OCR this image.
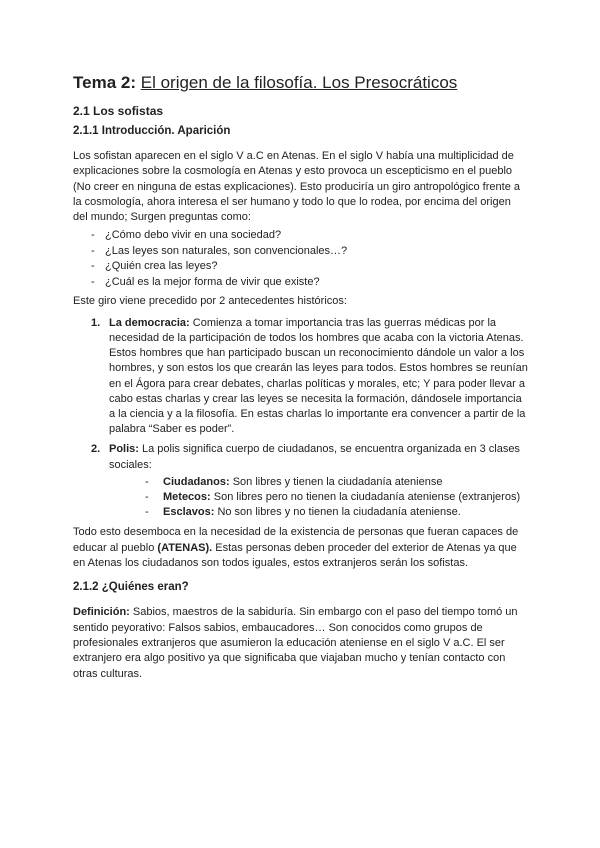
Tema 2: El origen de la filosofía. Los Presocráticos
2.1 Los sofistas
2.1.1 Introducción. Aparición

Los sofistan aparecen en el siglo V a.C en Atenas. En el siglo V había una multiplicidad de explicaciones sobre la cosmología en Atenas y esto provoca un escepticismo en el pueblo (No creer en ninguna de estas explicaciones). Esto produciría un giro antropológico frente a la cosmología, ahora interesa el ser humano y todo lo que lo rodea, por encima del origen del mundo; Surgen preguntas como:

- ¿Cómo debo vivir en una sociedad?
- ¿Las leyes son naturales, son convencionales…?
- ¿Quién crea las leyes?
- ¿Cuál es la mejor forma de vivir que existe?

Este giro viene precedido por 2 antecedentes históricos:

1. La democracia: Comienza a tomar importancia tras las guerras médicas por la necesidad de la participación de todos los hombres que acaba con la victoria Atenas. Estos hombres que han participado buscan un reconocimiento dándole un valor a los hombres, y son estos los que crearán las leyes para todos. Estos hombres se reunían en el Ágora para crear debates, charlas políticas y morales, etc; Y para poder llevar a cabo estas charlas y crear las leyes se necesita la formación, dándosele importancia a la ciencia y a la filosofía. En estas charlas lo importante era convencer a partir de la palabra “Saber es poder”.
2. Polis: La polis significa cuerpo de ciudadanos, se encuentra organizada en 3 clases sociales:
- Ciudadanos: Son libres y tienen la ciudadanía ateniense
- Metecos: Son libres pero no tienen la ciudadanía ateniense (extranjeros)
- Esclavos: No son libres y no tienen la ciudadanía ateniense.

Todo esto desemboca en la necesidad de la existencia de personas que fueran capaces de educar al pueblo (ATENAS). Estas personas deben proceder del exterior de Atenas ya que en Atenas los ciudadanos son todos iguales, estos extranjeros serán los sofistas.

2.1.2 ¿Quiénes eran?

Definición: Sabios, maestros de la sabiduría. Sin embargo con el paso del tiempo tomó un sentido peyorativo: Falsos sabios, embaucadores… Son conocidos como grupos de profesionales extranjeros que asumieron la educación ateniense en el siglo V a.C. El ser extranjero era algo positivo ya que significaba que viajaban mucho y tenían contacto con otras culturas.
